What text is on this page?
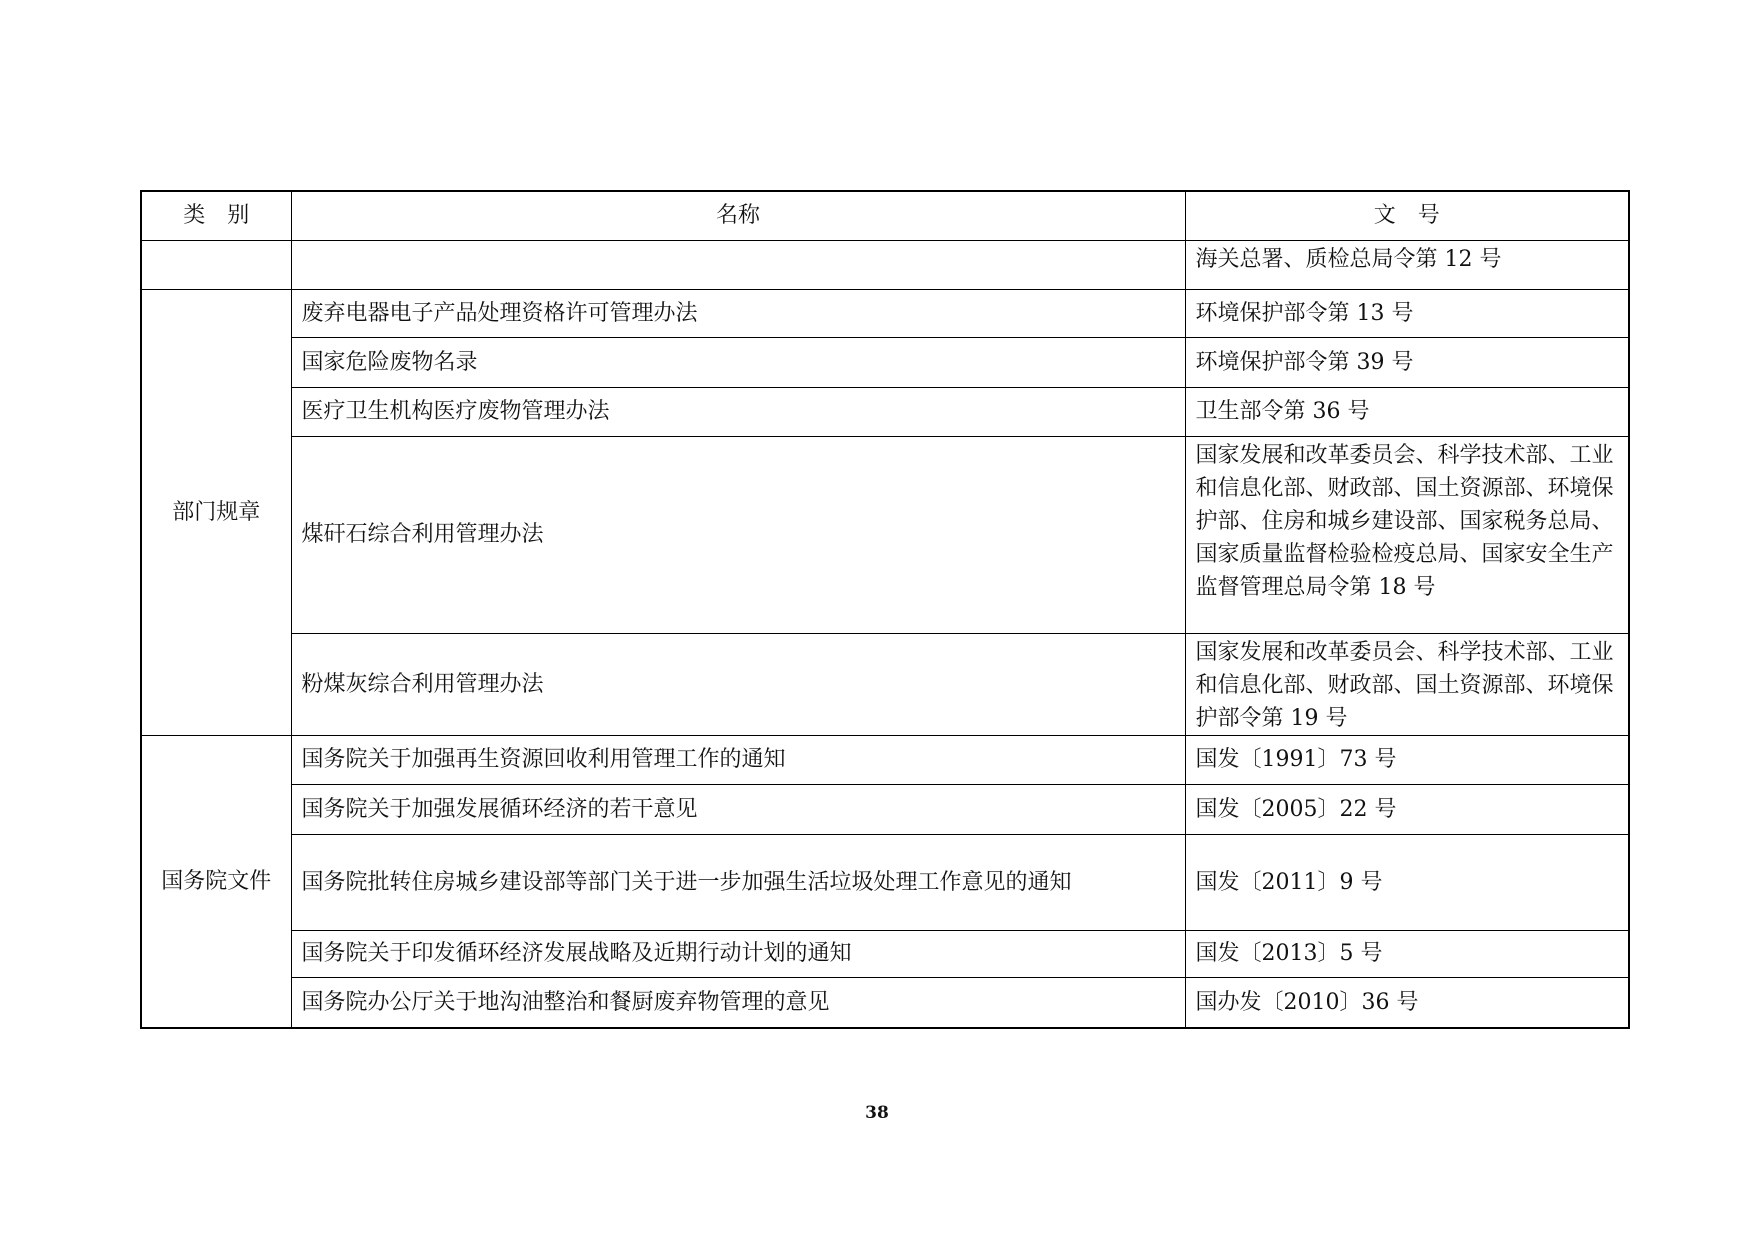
类　别	名称	文　号
		海关总署、质检总局令第 12 号
部门规章	废弃电器电子产品处理资格许可管理办法	环境保护部令第 13 号
	国家危险废物名录	环境保护部令第 39 号
	医疗卫生机构医疗废物管理办法	卫生部令第 36 号
	煤矸石综合利用管理办法	国家发展和改革委员会、科学技术部、工业和信息化部、财政部、国土资源部、环境保护部、住房和城乡建设部、国家税务总局、国家质量监督检验检疫总局、国家安全生产监督管理总局令第 18 号
	粉煤灰综合利用管理办法	国家发展和改革委员会、科学技术部、工业和信息化部、财政部、国土资源部、环境保护部令第 19 号
国务院文件	国务院关于加强再生资源回收利用管理工作的通知	国发〔1991〕73 号
	国务院关于加强发展循环经济的若干意见	国发〔2005〕22 号
	国务院批转住房城乡建设部等部门关于进一步加强生活垃圾处理工作意见的通知	国发〔2011〕9 号
	国务院关于印发循环经济发展战略及近期行动计划的通知	国发〔2013〕5 号
	国务院办公厅关于地沟油整治和餐厨废弃物管理的意见	国办发〔2010〕36 号
38
